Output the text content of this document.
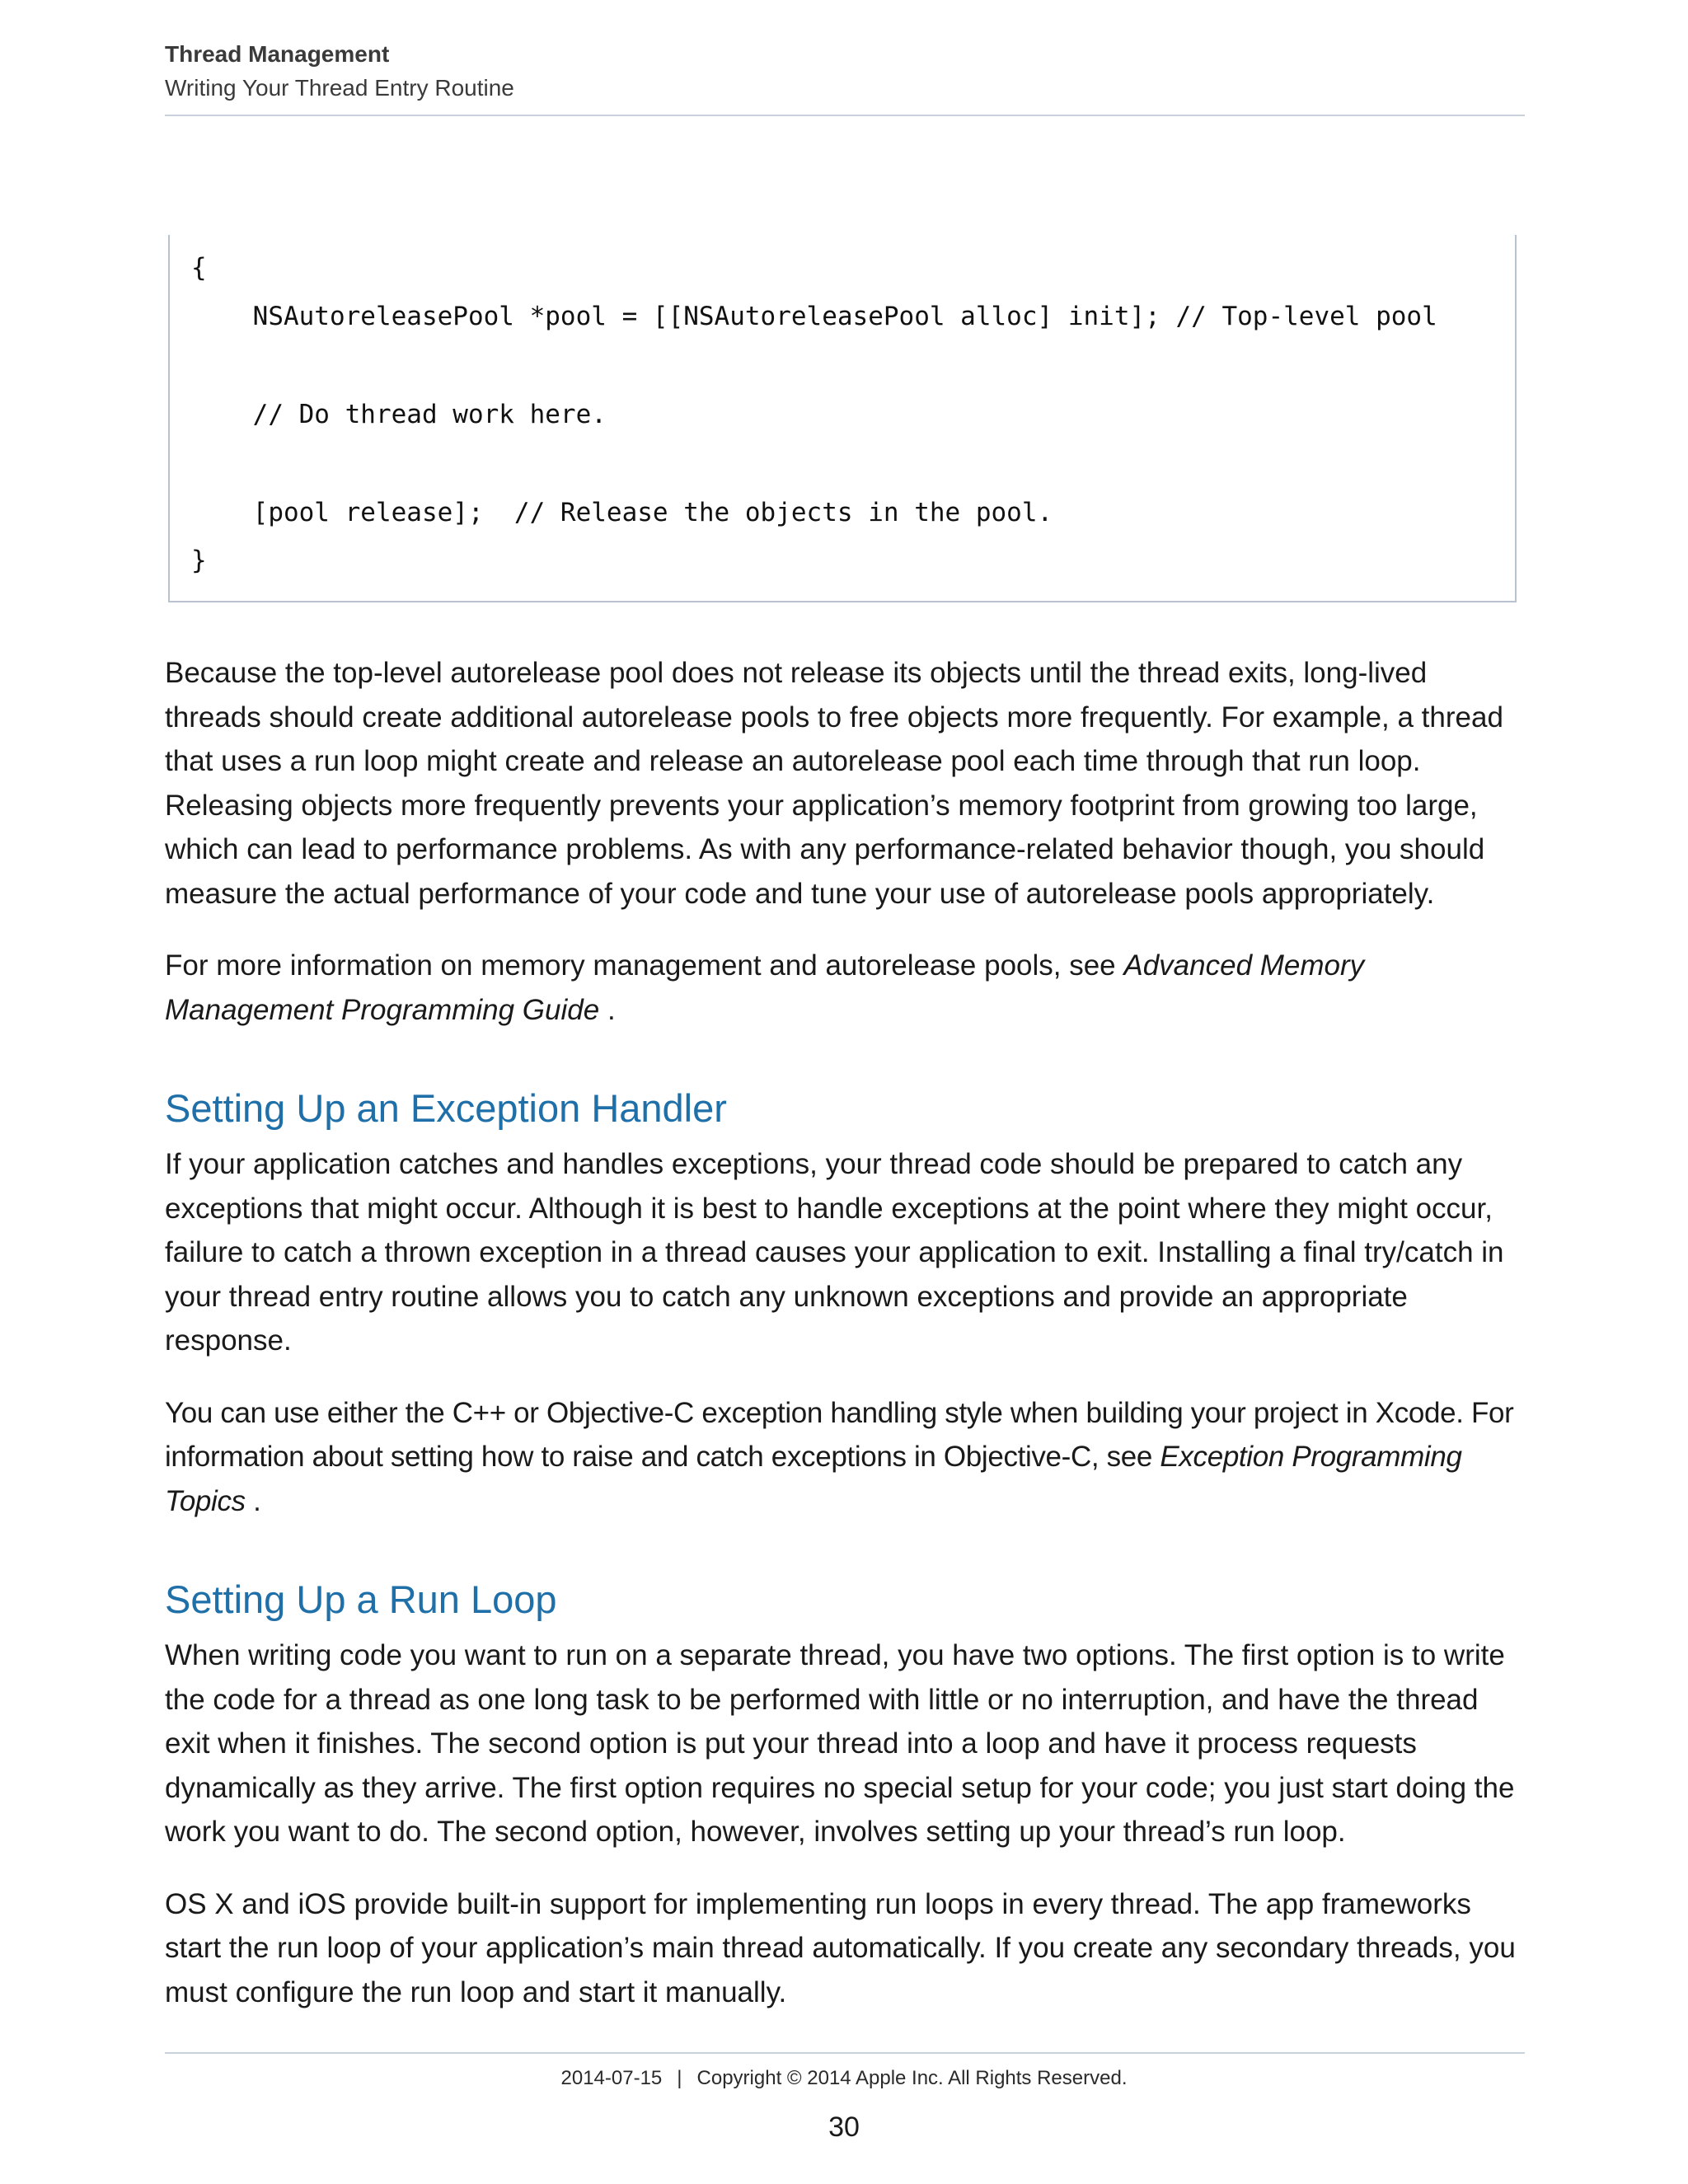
Thread Management
Writing Your Thread Entry Routine
{
NSAutoreleasePool *pool = [[NSAutoreleasePool alloc] init]; // Top-level pool
// Do thread work here.
[pool release];  // Release the objects in the pool.
}

Because the top-level autorelease pool does not release its objects until the thread exits, long-lived threads should create additional autorelease pools to free objects more frequently. For example, a thread that uses a run loop might create and release an autorelease pool each time through that run loop. Releasing objects more frequently prevents your application’s memory footprint from growing too large, which can lead to performance problems. As with any performance-related behavior though, you should measure the actual performance of your code and tune your use of autorelease pools appropriately.

For more information on memory management and autorelease pools, see Advanced Memory Management Programming Guide .

Setting Up an Exception Handler

If your application catches and handles exceptions, your thread code should be prepared to catch any exceptions that might occur. Although it is best to handle exceptions at the point where they might occur, failure to catch a thrown exception in a thread causes your application to exit. Installing a final try/catch in your thread entry routine allows you to catch any unknown exceptions and provide an appropriate response.

You can use either the C++ or Objective-C exception handling style when building your project in Xcode. For information about setting how to raise and catch exceptions in Objective-C, see Exception Programming Topics .

Setting Up a Run Loop

When writing code you want to run on a separate thread, you have two options. The first option is to write the code for a thread as one long task to be performed with little or no interruption, and have the thread exit when it finishes. The second option is put your thread into a loop and have it process requests dynamically as they arrive. The first option requires no special setup for your code; you just start doing the work you want to do. The second option, however, involves setting up your thread’s run loop.

OS X and iOS provide built-in support for implementing run loops in every thread. The app frameworks start the run loop of your application’s main thread automatically. If you create any secondary threads, you must configure the run loop and start it manually.

2014-07-15 | Copyright © 2014 Apple Inc. All Rights Reserved.
30
